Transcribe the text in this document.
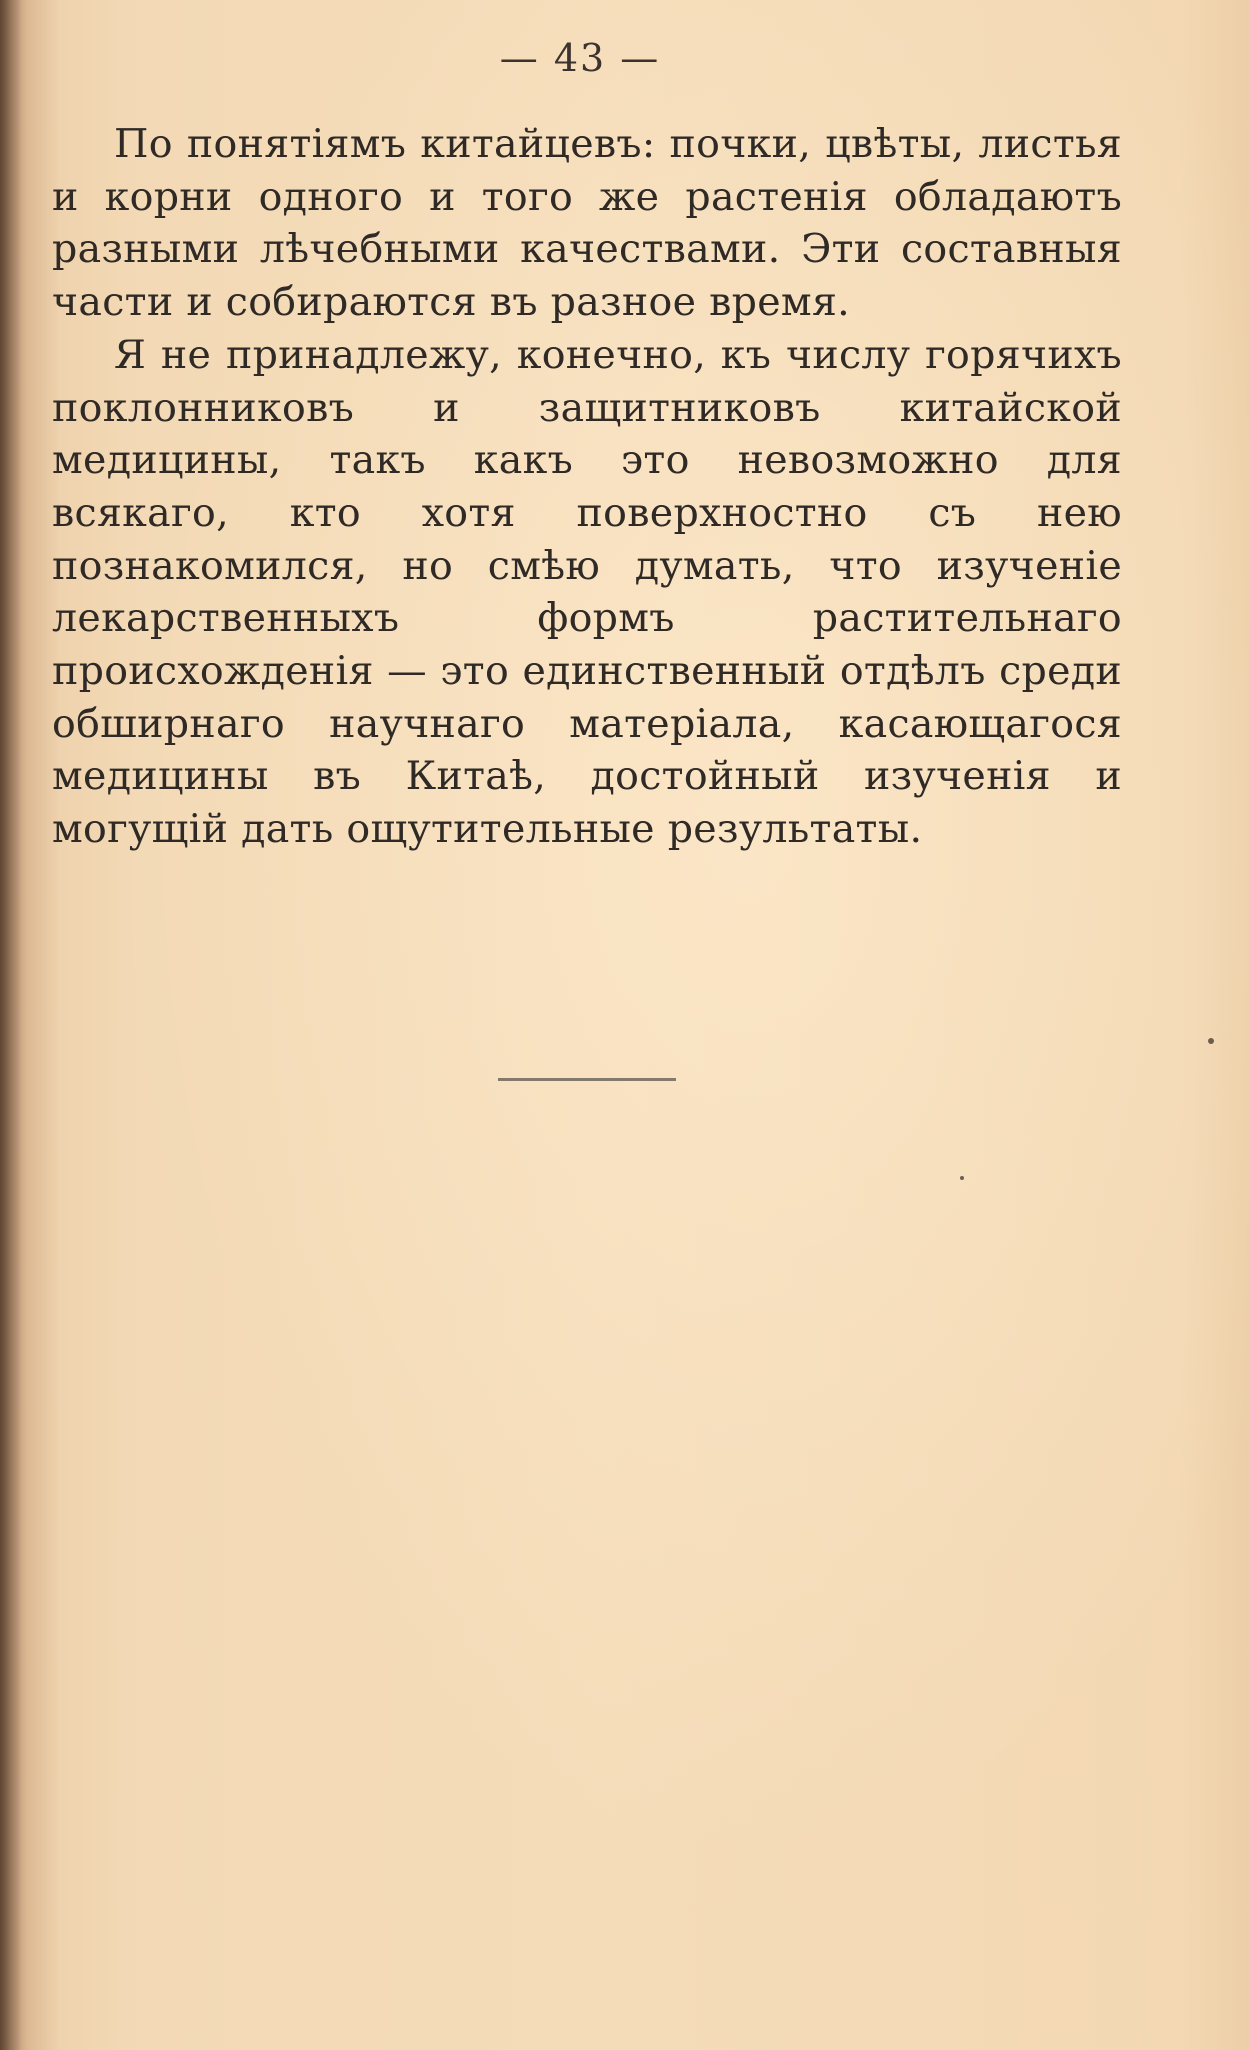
— 43 —

По понятiямъ китайцевъ: почки, цвѣты, листья и корни одного и того же растенiя обладаютъ разными лѣчебными качествами. Эти составныя части и собираются въ разное время.

Я не принадлежу, конечно, къ числу горячихъ поклонниковъ и защитниковъ китайской медицины, такъ какъ это невозможно для всякаго, кто хотя поверхностно съ нею познакомился, но смѣю думать, что изученiе лекарственныхъ формъ растительнаго происхожденiя — это единственный отдѣлъ среди обширнаго научнаго матерiала, касающагося медицины въ Китаѣ, достойный изученiя и могущiй дать ощутительные результаты.
